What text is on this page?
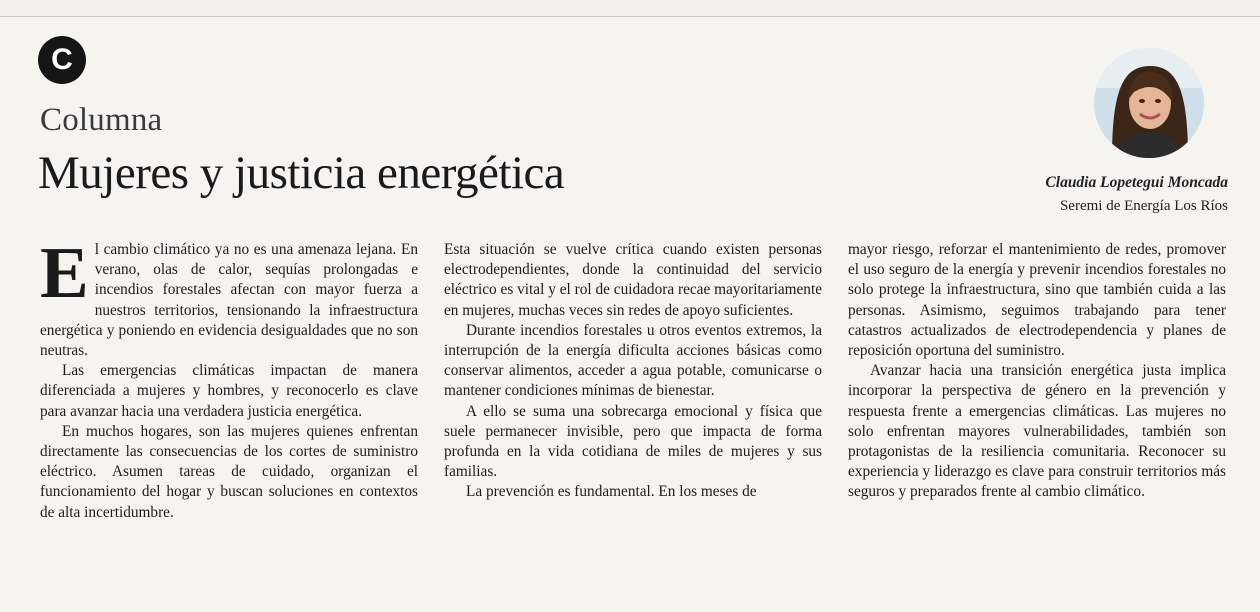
C
Columna
Mujeres y justicia energética	Claudia Lopetegui Moncada
Seremi de Energía Los Ríos

El cambio climático ya no es una amenaza lejana. En verano, olas de calor, sequías prolongadas e incendios forestales afectan con mayor fuerza a nuestros territorios, tensionando la infraestructura energética y poniendo en evidencia desigualdades que no son neutras.

Las emergencias climáticas impactan de manera diferenciada a mujeres y hombres, y reconocerlo es clave para avanzar hacia una verdadera justicia energética.

En muchos hogares, son las mujeres quienes enfrentan directamente las consecuencias de los cortes de suministro eléctrico. Asumen tareas de cuidado, organizan el funcionamiento del hogar y buscan soluciones en contextos de alta incertidumbre.

Esta situación se vuelve crítica cuando existen personas electrodependientes, donde la continuidad del servicio eléctrico es vital y el rol de cuidadora recae mayoritariamente en mujeres, muchas veces sin redes de apoyo suficientes.

Durante incendios forestales u otros eventos extremos, la interrupción de la energía dificulta acciones básicas como conservar alimentos, acceder a agua potable, comunicarse o mantener condiciones mínimas de bienestar.

A ello se suma una sobrecarga emocional y física que suele permanecer invisible, pero que impacta de forma profunda en la vida cotidiana de miles de mujeres y sus familias.

La prevención es fundamental. En los meses de

mayor riesgo, reforzar el mantenimiento de redes, promover el uso seguro de la energía y prevenir incendios forestales no solo protege la infraestructura, sino que también cuida a las personas. Asimismo, seguimos trabajando para tener catastros actualizados de electrodependencia y planes de reposición oportuna del suministro.

Avanzar hacia una transición energética justa implica incorporar la perspectiva de género en la prevención y respuesta frente a emergencias climáticas. Las mujeres no solo enfrentan mayores vulnerabilidades, también son protagonistas de la resiliencia comunitaria. Reconocer su experiencia y liderazgo es clave para construir territorios más seguros y preparados frente al cambio climático.
